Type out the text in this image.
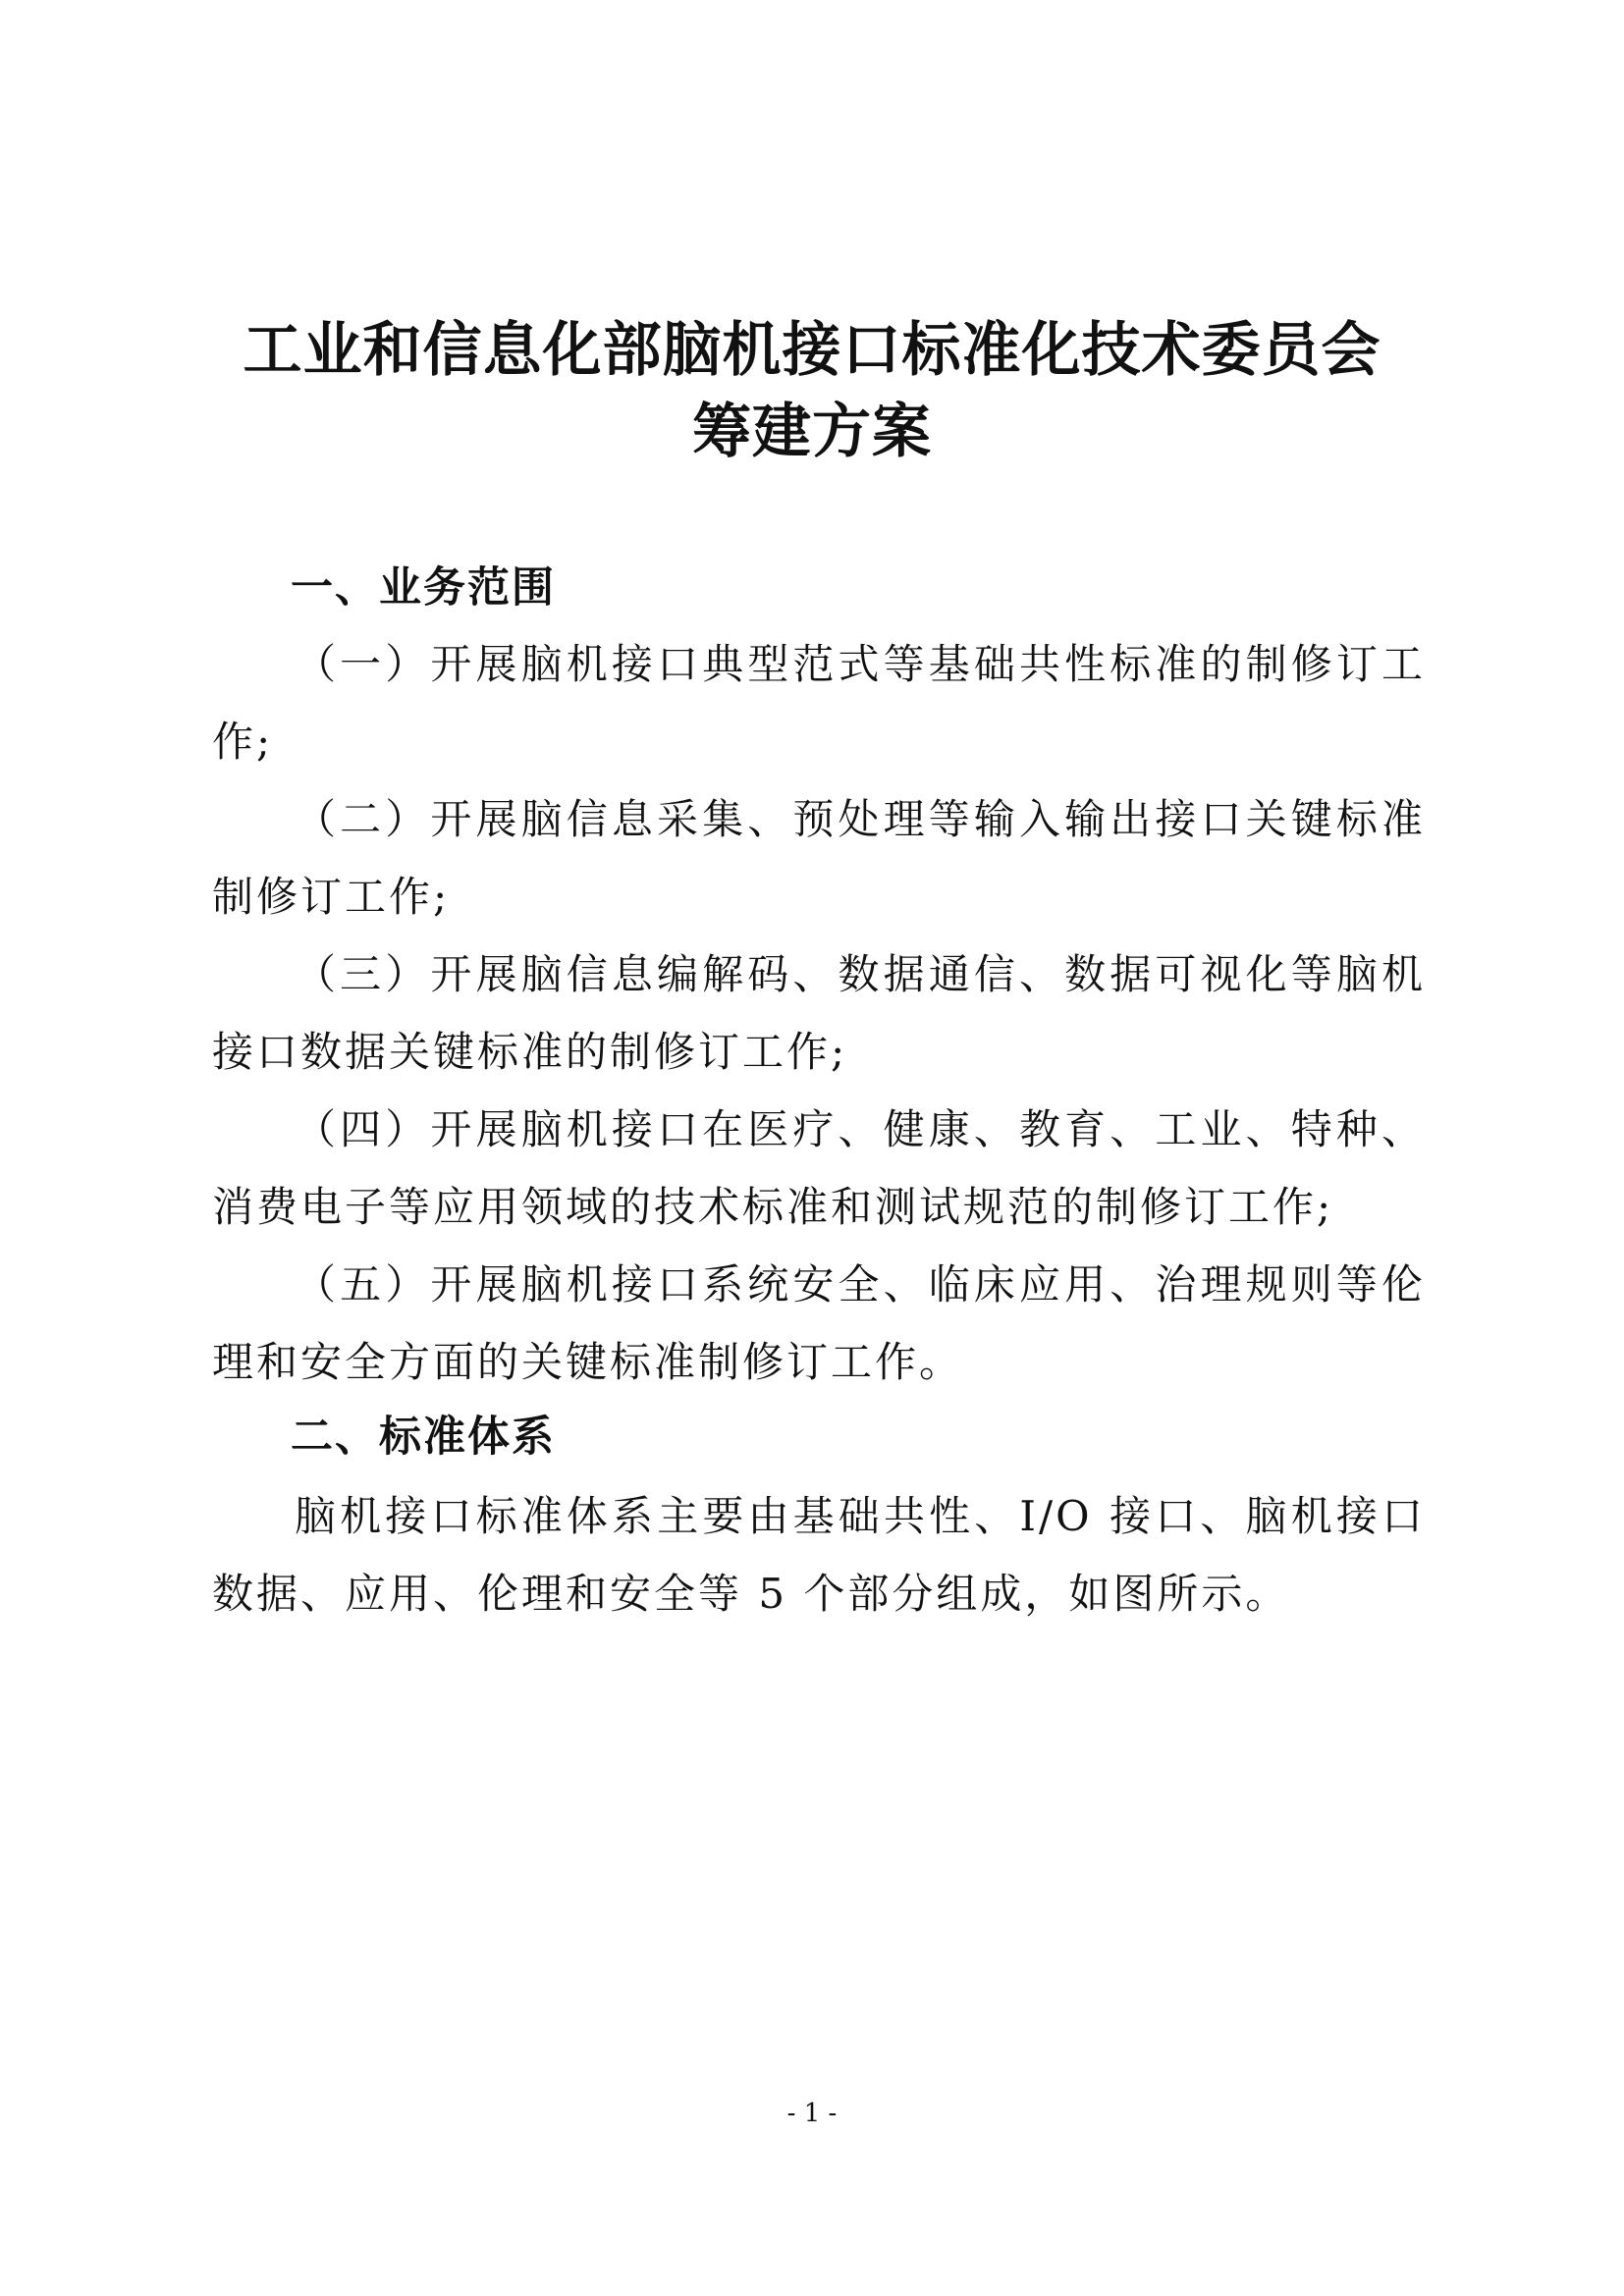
工业和信息化部脑机接口标准化技术委员会
筹建方案
一、业务范围

（一）开展脑机接口典型范式等基础共性标准的制修订工作;

（二）开展脑信息采集、预处理等输入输出接口关键标准制修订工作;

（三）开展脑信息编解码、数据通信、数据可视化等脑机接口数据关键标准的制修订工作;

（四）开展脑机接口在医疗、健康、教育、工业、特种、消费电子等应用领域的技术标准和测试规范的制修订工作;

（五）开展脑机接口系统安全、临床应用、治理规则等伦理和安全方面的关键标准制修订工作。

二、标准体系

脑机接口标准体系主要由基础共性、I/O 接口、脑机接口数据、应用、伦理和安全等 5 个部分组成，如图所示。

- 1 -
